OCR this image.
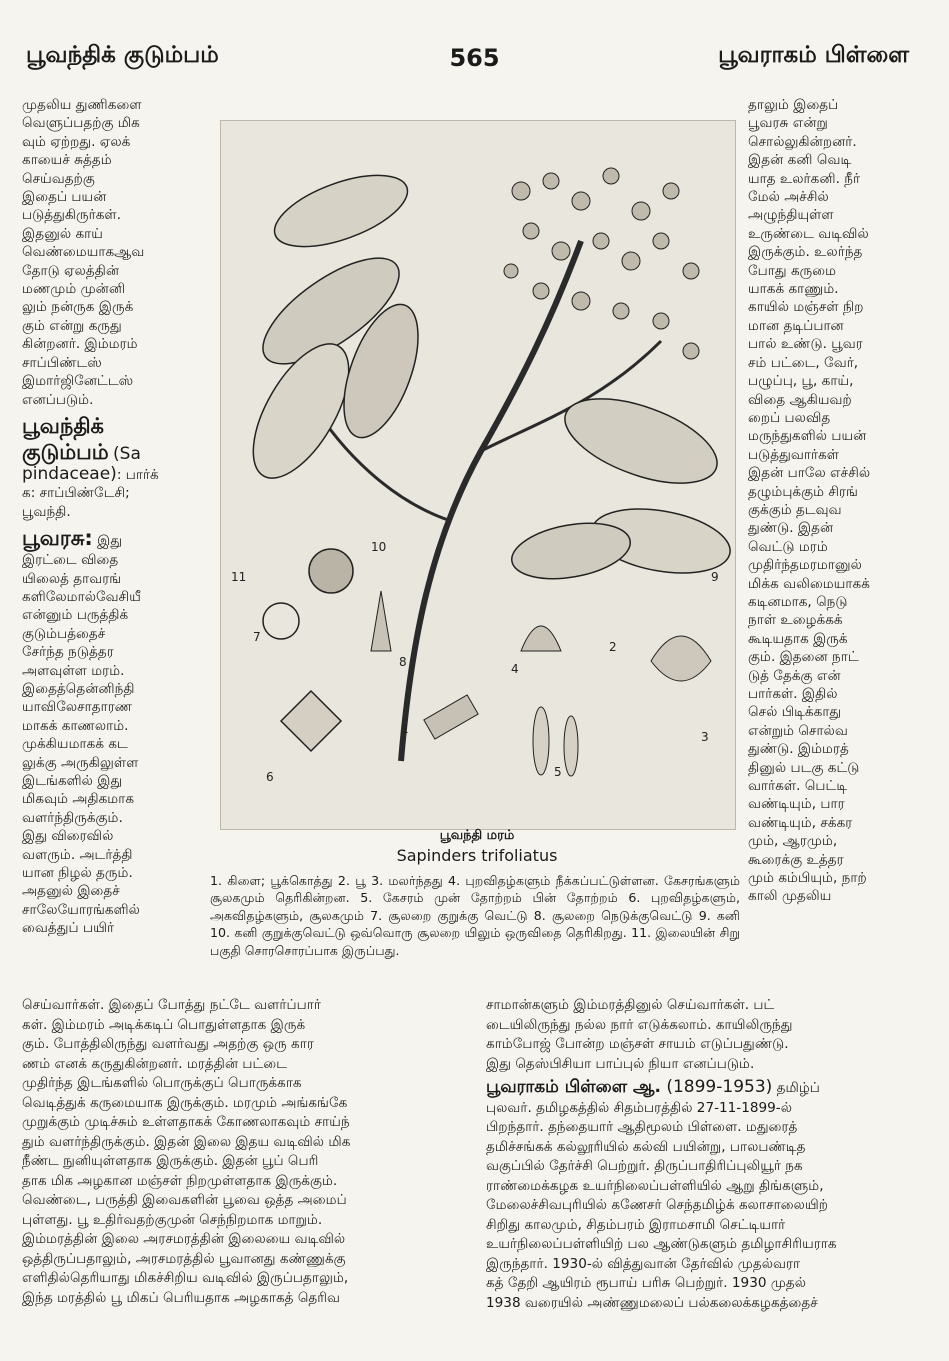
பூவந்திக் குடும்பம்	565	பூவராகம் பிள்ளை

முதலிய துணிகளை
வெளுப்பதற்கு மிக
வும் ஏற்றது. ஏலக்
காயைச் சுத்தம்
செய்வதற்கு
இதைப் பயன்
படுத்துகிருர்கள்.
இதனுல் காய்
வெண்மையாகஆவ
தோடு ஏலத்தின்
மணமும் முன்னி
லும் நன்ருக இருக்
கும் என்று கருது
கின்றனர். இம்மரம்
சாப்பிண்டஸ்
இமார்ஜினேட்டஸ்
எனப்படும்.

பூவந்திக்
குடும்பம் (Sa
pindaceae): பார்க்
க: சாப்பிண்டேசி;
பூவந்தி.

பூவரசு: இது
இரட்டை விதை
யிலைத் தாவரங்
களிலேமால்வேசியீ
என்னும் பருத்திக்
குடும்பத்தைச்
சேர்ந்த நடுத்தர
அளவுள்ள மரம்.
இதைத்தென்னிந்தி
யாவிலேசாதாரண
மாகக் காணலாம்.
முக்கியமாகக் கட
லுக்கு அருகிலுள்ள
இடங்களில் இது
மிகவும் அதிகமாக
வளர்ந்திருக்கும்.
இது விரைவில்
வளரும். அடர்த்தி
யான நிழல் தரும்.
அதனுல் இதைச்
சாலேயோரங்களில்
வைத்துப் பயிர்

தாலும் இதைப்
பூவரசு என்று
சொல்லுகின்றனர்.
இதன் கனி வெடி
யாத உலர்கனி. நீர்
மேல் அச்சில்
அழுந்தியுள்ள
உருண்டை வடிவில்
இருக்கும். உலர்ந்த
போது கருமை
யாகக் காணும்.
காயில் மஞ்சள் நிற
மான தடிப்பான
பால் உண்டு. பூவர
சம் பட்டை, வேர்,
பழுப்பு, பூ, காய்,
விதை ஆகியவற்
றைப் பலவித
மருந்துகளில் பயன்
படுத்துவார்கள்
இதன் பாலே எச்சில்
தழும்புக்கும் சிரங்
குக்கும் தடவுவ
துண்டு. இதன்
வெட்டு மரம்
முதிர்ந்தமரமானுல்
மிக்க வலிமையாகக்
கடினமாக, நெடு
நாள் உழைக்கக்
கூடியதாக இருக்
கும். இதனை நாட்
டுத் தேக்கு என்
பார்கள். இதில்
செல் பிடிக்காது
என்றும் சொல்வ
துண்டு. இம்மரத்
தினுல் படகு கட்டு
வார்கள். பெட்டி
வண்டியும், பார
வண்டியும், சக்கர
மும், ஆரமும்,
கூரைக்கு உத்தர
மும் கம்பியும், நாற்
காலி முதலிய

1
2
3
4
5
6
7
8
9
10
11
பூவந்தி மரம்
Sapinders trifoliatus
1. கிளை; பூக்கொத்து 2. பூ 3. மலர்ந்தது 4. புறவிதழ்களும் நீக்கப்பட்டுள்ளன. கேசரங்களும் சூலகமும் தெரிகின்றன. 5. கேசரம் முன் தோற்றம் பின் தோற்றம் 6. புறவிதழ்களும், அகவிதழ்களும், சூலகமும் 7. சூலறை குறுக்கு வெட்டு 8. சூலறை நெடுக்குவெட்டு 9. கனி 10. கனி குறுக்குவெட்டு ஒவ்வொரு சூலறை யிலும் ஒருவிதை தெரிகிறது. 11. இலையின் சிறு பகுதி சொரசொரப்பாக இருப்பது.
செய்வார்கள். இதைப் போத்து நட்டே வளர்ப்பார்
கள். இம்மரம் அடிக்கடிப் பொதுள்ளதாக இருக்
கும். போத்திலிருந்து வளர்வது அதற்கு ஒரு கார
ணம் எனக் கருதுகின்றனர். மரத்தின் பட்டை
முதிர்ந்த இடங்களில் பொருக்குப் பொருக்காக
வெடித்துக் கருமையாக இருக்கும். மரமும் அங்கங்கே
முறுக்கும் முடிச்சும் உள்ளதாகக் கோணலாகவும் சாய்ந்
தும் வளர்ந்திருக்கும். இதன் இலை இதய வடிவில் மிக
நீண்ட நுனியுள்ளதாக இருக்கும். இதன் பூப் பெரி
தாக மிக அழகான மஞ்சள் நிறமுள்ளதாக இருக்கும்.
வெண்டை, பருத்தி இவைகளின் பூவை ஒத்த அமைப்
புள்ளது. பூ உதிர்வதற்குமுன் செந்நிறமாக மாறும்.
இம்மரத்தின் இலை அரசமரத்தின் இலையை வடிவில்
ஒத்திருப்பதாலும், அரசமரத்தில் பூவானது கண்ணுக்கு
எளிதில்தெரியாது மிகச்சிறிய வடிவில் இருப்பதாலும்,
இந்த மரத்தில் பூ மிகப் பெரியதாக அழகாகத் தெரிவ

சாமான்களும் இம்மரத்தினுல் செய்வார்கள். பட்
டையிலிருந்து நல்ல நார் எடுக்கலாம். காயிலிருந்து
காம்போஜ் போன்ற மஞ்சள் சாயம் எடுப்பதுண்டு.
இது தெஸ்பிசியா பாப்புல் நியா எனப்படும்.

பூவராகம் பிள்ளை ஆ. (1899-1953) தமிழ்ப்

புலவர். தமிழகத்தில் சிதம்பரத்தில் 27-11-1899-ல்
பிறந்தார். தந்தையார் ஆதிமூலம் பிள்ளை. மதுரைத்
தமிச்சங்கக் கல்லூரியில் கல்வி பயின்று, பாலபண்டித
வகுப்பில் தேர்ச்சி பெற்றுர். திருப்பாதிரிப்புலியூர் நக
ராண்மைக்கழக உயர்நிலைப்பள்ளியில் ஆறு திங்களும்,
மேலைச்சிவபுரியில் கணேசர் செந்தமிழ்க் கலாசாலையிற்
சிறிது காலமும், சிதம்பரம் இராமசாமி செட்டியார்
உயர்நிலைப்பள்ளியிற் பல ஆண்டுகளும் தமிழாசிரியராக
இருந்தார். 1930-ல் வித்துவான் தேர்வில் முதல்வரா
கத் தேறி ஆயிரம் ரூபாய் பரிசு பெற்றுர். 1930 முதல்
1938 வரையில் அண்ணுமலைப் பல்கலைக்கழகத்தைச்
